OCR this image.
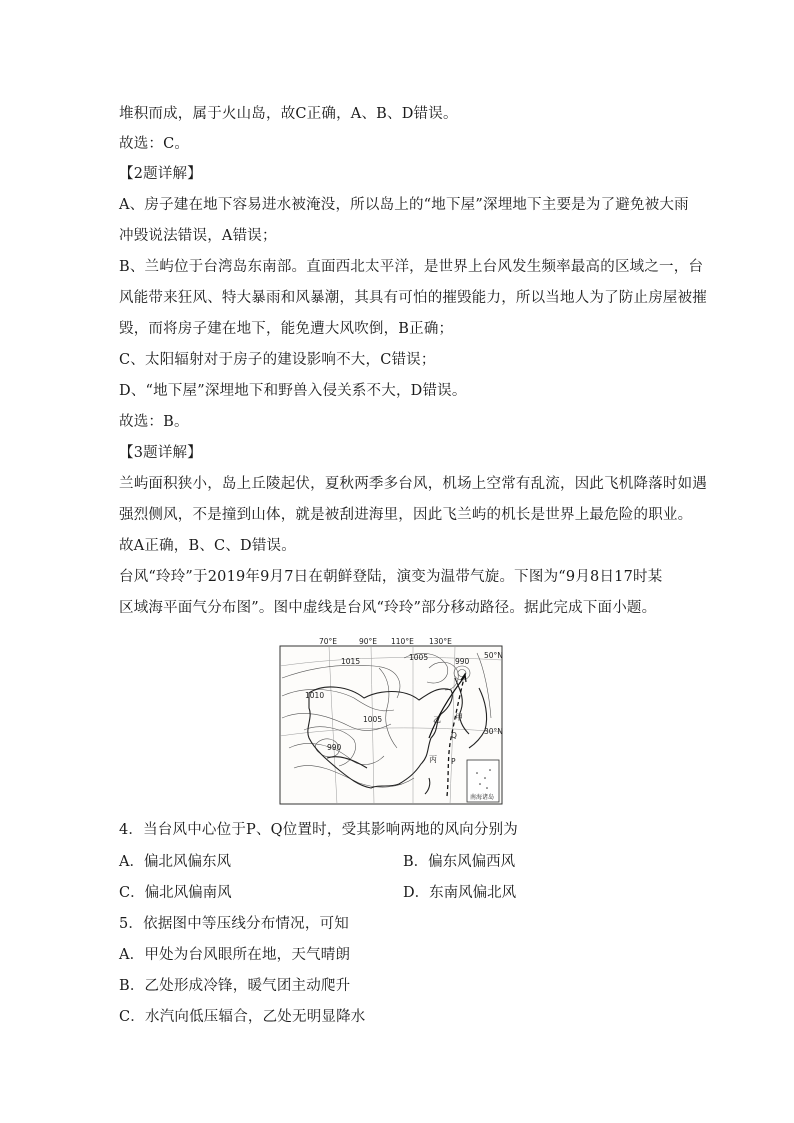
堆积而成，属于火山岛，故C正确，A、B、D错误。
故选：C。
【2题详解】
A、房子建在地下容易进水被淹没，所以岛上的“地下屋”深埋地下主要是为了避免被大雨
冲毁说法错误，A错误；
B、兰屿位于台湾岛东南部。直面西北太平洋，是世界上台风发生频率最高的区域之一，台
风能带来狂风、特大暴雨和风暴潮，其具有可怕的摧毁能力，所以当地人为了防止房屋被摧
毁，而将房子建在地下，能免遭大风吹倒，B正确；
C、太阳辐射对于房子的建设影响不大，C错误；
D、“地下屋”深埋地下和野兽入侵关系不大，D错误。
故选：B。
【3题详解】
兰屿面积狭小，岛上丘陵起伏，夏秋两季多台风，机场上空常有乱流，因此飞机降落时如遇
强烈侧风，不是撞到山体，就是被刮进海里，因此飞兰屿的机长是世界上最危险的职业。
故A正确，B、C、D错误。
台风“玲玲”于2019年9月7日在朝鲜登陆，演变为温带气旋。下图为“9月8日17时某
区域海平面气分布图”。图中虚线是台风“玲玲”部分移动路径。据此完成下面小题。
70°E	90°E 110°E 130°E
50°N
30°N
1015	1005	990
1010
1005
990
乙 甲
Q
丙 P
南海诸岛
4．当台风中心位于P、Q位置时，受其影响两地的风向分别为
A．偏北风偏东风	B．偏东风偏西风
C．偏北风偏南风	D．东南风偏北风
5．依据图中等压线分布情况，可知
A．甲处为台风眼所在地，天气晴朗
B．乙处形成冷锋，暖气团主动爬升
C．水汽向低压辐合，乙处无明显降水
